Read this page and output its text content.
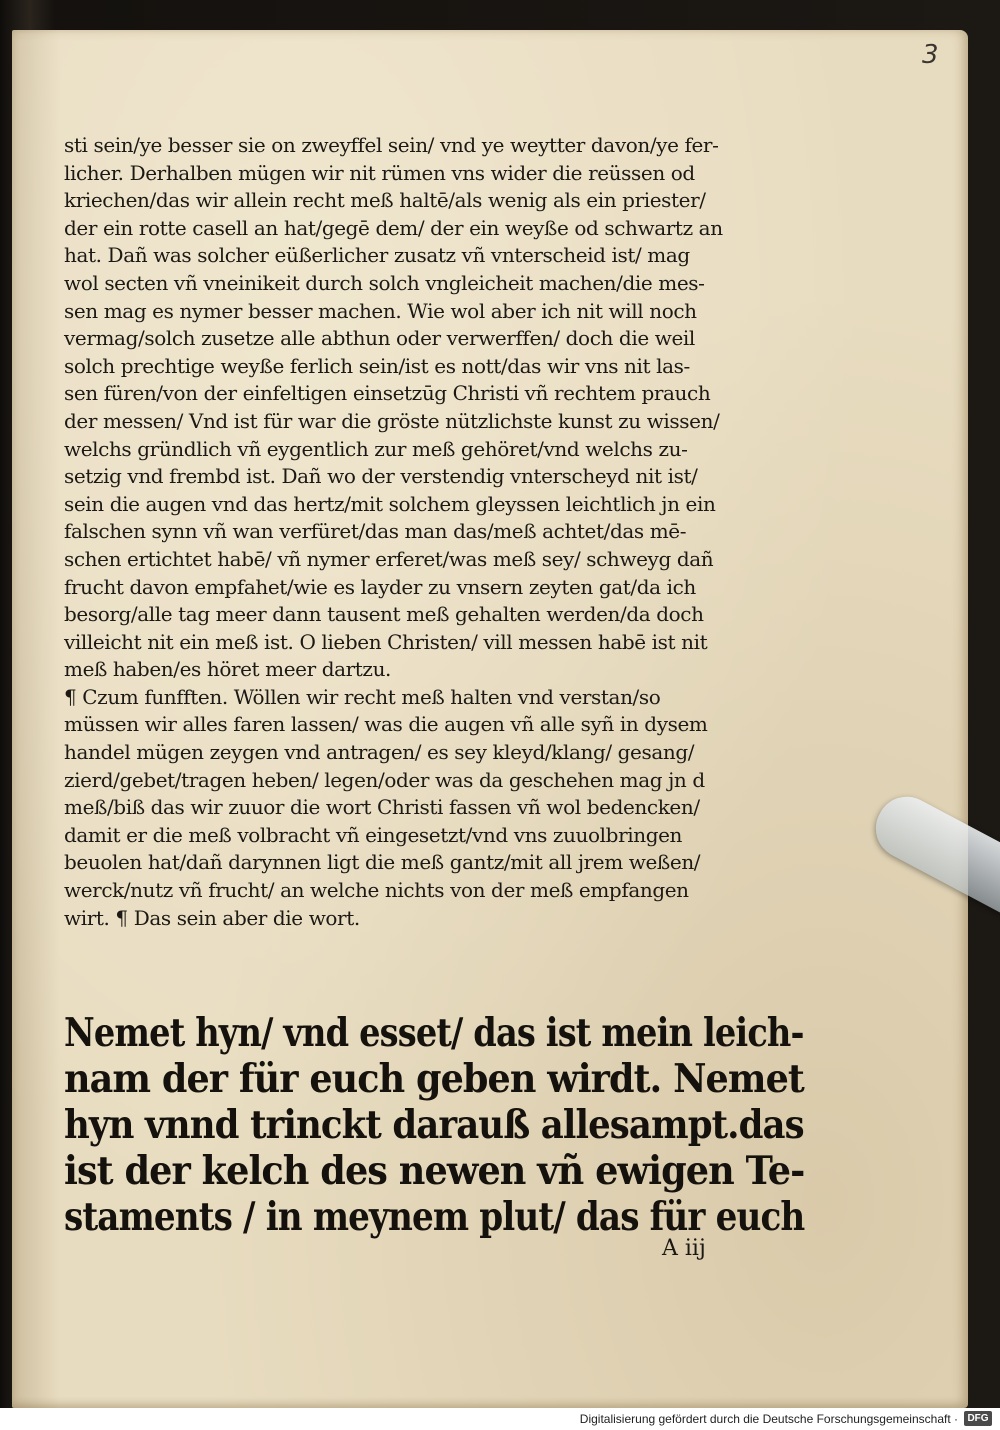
3
sti sein/ye besser sie on zweyffel sein/ vnd ye weytter davon/ye fer-
licher. Derhalben mügen wir nit rümen vns wider die reüssen od
kriechen/das wir allein recht meß haltē/als wenig als ein priester/
der ein rotte casell an hat/gegē dem/ der ein weyße od schwartz an
hat. Dañ was solcher eüßerlicher zusatz vñ vnterscheid ist/ mag
wol secten vñ vneinikeit durch solch vngleicheit machen/die mes-
sen mag es nymer besser machen. Wie wol aber ich nit will noch
vermag/solch zusetze alle abthun oder verwerffen/ doch die weil
solch prechtige weyße ferlich sein/ist es nott/das wir vns nit las-
sen füren/von der einfeltigen einsetzūg Christi vñ rechtem prauch
der messen/ Vnd ist für war die gröste nützlichste kunst zu wissen/
welchs gründlich vñ eygentlich zur meß gehöret/vnd welchs zu-
setzig vnd frembd ist. Dañ wo der verstendig vnterscheyd nit ist/
sein die augen vnd das hertz/mit solchem gleyssen leichtlich jn ein
falschen synn vñ wan verfüret/das man das/meß achtet/das mē-
schen ertichtet habē/ vñ nymer erferet/was meß sey/ schweyg dañ
frucht davon empfahet/wie es layder zu vnsern zeyten gat/da ich
besorg/alle tag meer dann tausent meß gehalten werden/da doch
villeicht nit ein meß ist. O lieben Christen/ vill messen habē ist nit
meß haben/es höret meer dartzu.
¶ Czum funfften. Wöllen wir recht meß halten vnd verstan/so
müssen wir alles faren lassen/ was die augen vñ alle syñ in dysem
handel mügen zeygen vnd antragen/ es sey kleyd/klang/ gesang/
zierd/gebet/tragen heben/ legen/oder was da geschehen mag jn d
meß/biß das wir zuuor die wort Christi fassen vñ wol bedencken/
damit er die meß volbracht vñ eingesetzt/vnd vns zuuolbringen
beuolen hat/dañ darynnen ligt die meß gantz/mit all jrem weßen/
werck/nutz vñ frucht/ an welche nichts von der meß empfangen
wirt. ¶ Das sein aber die wort.
Nemet hyn/ vnd esset/ das ist mein leich-
nam der für euch geben wirdt. Nemet
hyn vnnd trinckt darauß allesampt.das
ist der kelch des newen vñ ewigen Te-
staments / in meynem plut/ das für euch
A iij
Digitalisierung gefördert durch die Deutsche Forschungsgemeinschaft · DFG
